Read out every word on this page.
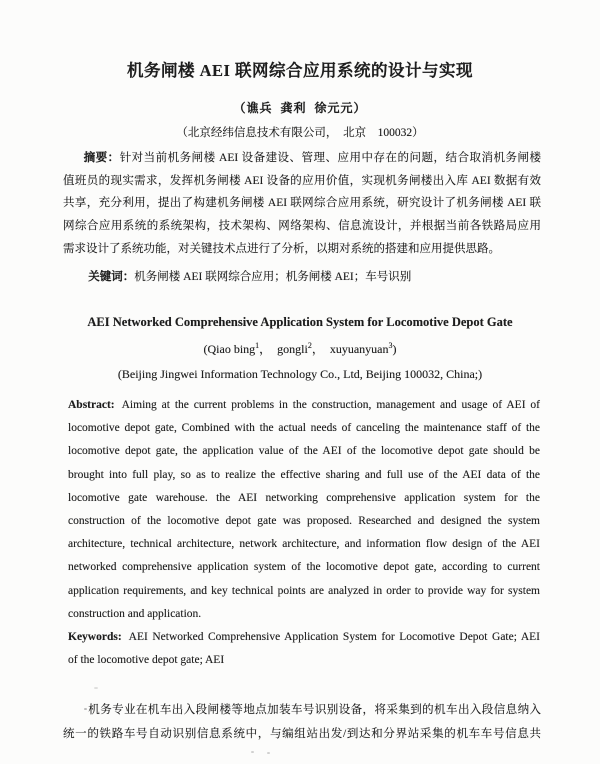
机务闸楼 AEI 联网综合应用系统的设计与实现
（谯兵  龚利  徐元元）
（北京经纬信息技术有限公司，  北京    100032）
摘要：针对当前机务闸楼 AEI 设备建设、管理、应用中存在的问题，结合取消机务闸楼
值班员的现实需求，发挥机务闸楼 AEI 设备的应用价值，实现机务闸楼出入库 AEI 数据有效
共享，充分利用，提出了构建机务闸楼 AEI 联网综合应用系统，研究设计了机务闸楼 AEI 联
网综合应用系统的系统架构，技术架构、网络架构、信息流设计，并根据当前各铁路局应用
需求设计了系统功能，对关键技术点进行了分析，以期对系统的搭建和应用提供思路。
关键词：机务闸楼 AEI 联网综合应用；机务闸楼 AEI；车号识别
AEI Networked Comprehensive Application System for Locomotive Depot Gate
(Qiao bing$^1$，  gongli$^2$，  xuyuanyuan$^3$)
(Beijing Jingwei Information Technology Co., Ltd, Beijing 100032, China;)
Abstract: Aiming at the current problems in the construction, management and usage of AEI of
locomotive depot gate, Combined with the actual needs of canceling the maintenance staff of the
locomotive depot gate, the application value of the AEI of the locomotive depot gate should be
brought into full play, so as to realize the effective sharing and full use of the AEI data of the
locomotive gate warehouse. the AEI networking comprehensive application system for the
construction of the locomotive depot gate was proposed. Researched and designed the system
architecture, technical architecture, network architecture, and information flow design of the AEI
networked comprehensive application system of the locomotive depot gate, according to current
application requirements, and key technical points are analyzed in order to provide way for system
construction and application.
Keywords: AEI Networked Comprehensive Application System for Locomotive Depot Gate; AEI
of the locomotive depot gate; AEI
机务专业在机车出入段闸楼等地点加装车号识别设备，将采集到的机车出入段信息纳入
统一的铁路车号自动识别信息系统中，与编组站出发/到达和分界站采集的机车车号信息共
